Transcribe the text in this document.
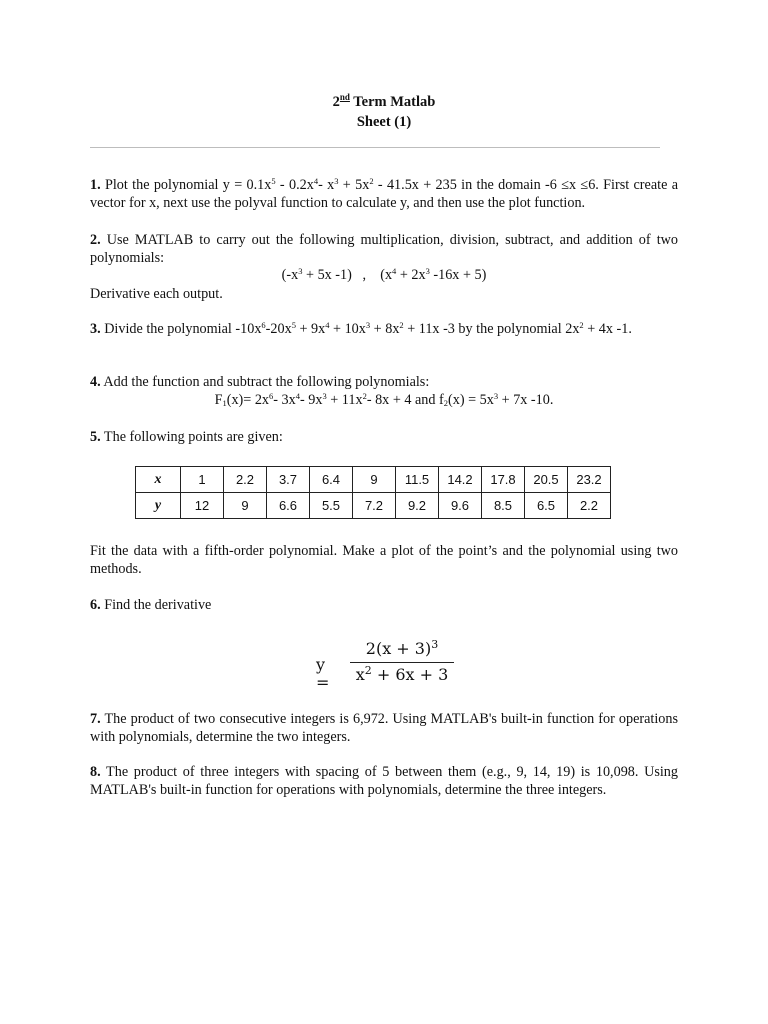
2nd Term Matlab
Sheet (1)
1. Plot the polynomial $y = 0.1x^5 - 0.2x^4-$ $x^3 + 5x^2 - 41.5x + 235$ in the domain -6 ≤x ≤6. First create a vector for x, next use the polyval function to calculate y, and then use the plot function.
2. Use MATLAB to carry out the following multiplication, division, subtract, and addition of two polynomials:
($-x^3 + 5x$ -1)   ,    ($x^4 + 2x^3$ -16x + 5)
Derivative each output.
3. Divide the polynomial $-10x^6-20x^5 + 9x^4 + 10x^3 + 8x^2 + 11x$ -3 by the polynomial $2x^2 + 4x$ -1.
4. Add the function and subtract the following polynomials:
$F_1(x)= 2x^6-$ $3x^4-$ $9x^3 + 11x^2-$ 8x + 4 and $f_2(x) = 5x^3 + 7x$ -10.
5. The following points are given:
x	1	2.2	3.7	6.4	9	11.5	14.2	17.8	20.5	23.2
y	12	9	6.6	5.5	7.2	9.2	9.6	8.5	6.5	2.2
Fit the data with a fifth-order polynomial. Make a plot of the point’s and the polynomial using two methods.
6. Find the derivative
y =
$2(x + 3)^3$
$x^2 + 6x + 3$
7. The product of two consecutive integers is 6,972. Using MATLAB's built-in function for operations with polynomials, determine the two integers.
8. The product of three integers with spacing of 5 between them (e.g., 9, 14, 19) is 10,098. Using MATLAB's built-in function for operations with polynomials, determine the three integers.
